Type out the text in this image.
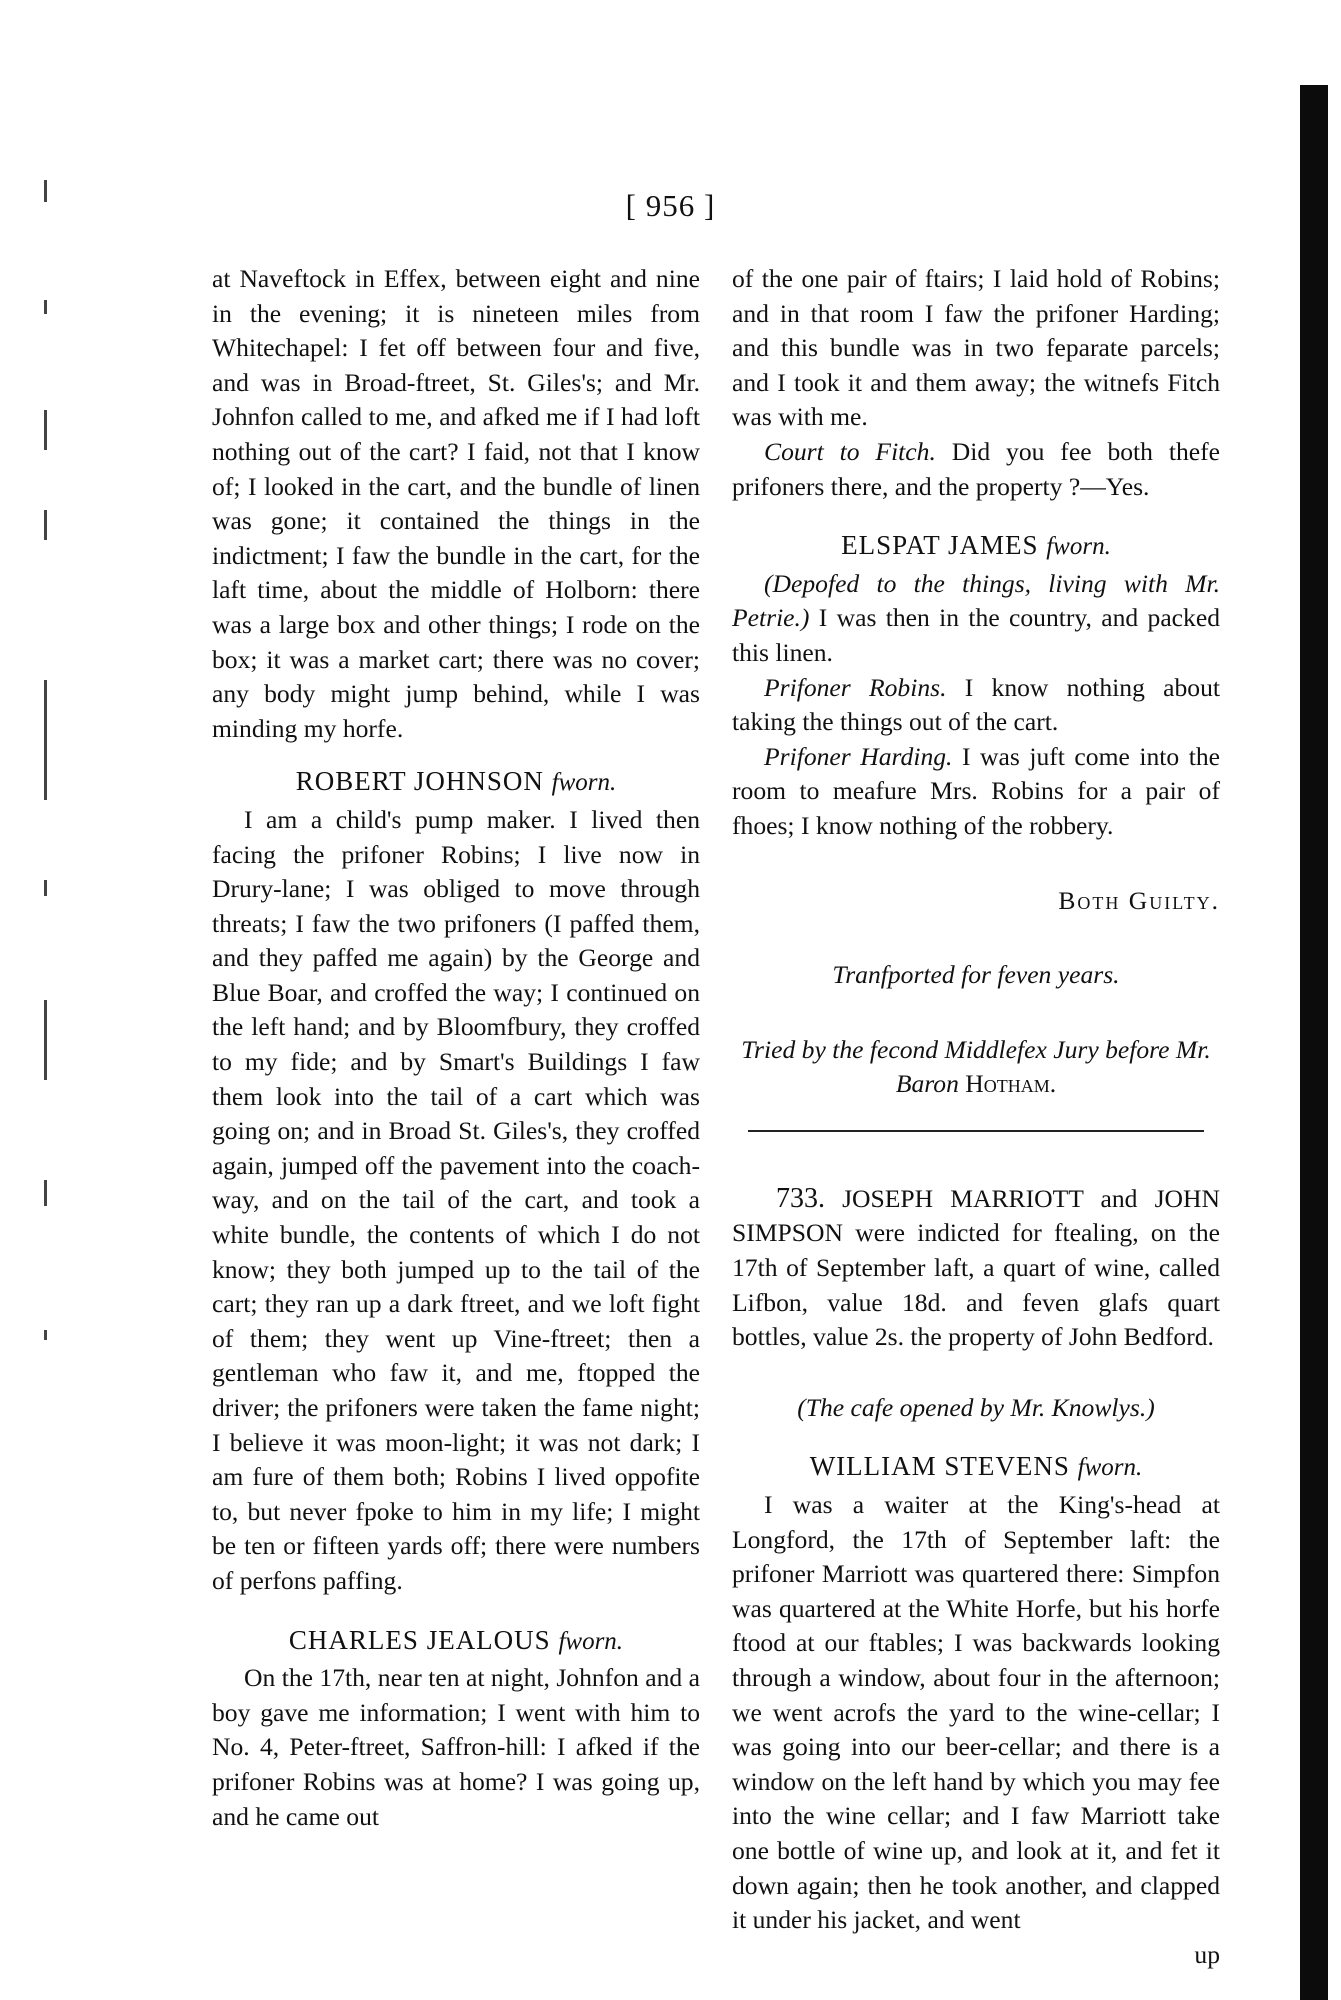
[ 956 ]

at Naveftock in Effex, between eight and nine in the evening; it is nineteen miles from Whitechapel: I fet off between four and five, and was in Broad-ftreet, St. Giles's; and Mr. Johnfon called to me, and afked me if I had loft nothing out of the cart? I faid, not that I know of; I looked in the cart, and the bundle of linen was gone; it contained the things in the indictment; I faw the bundle in the cart, for the laft time, about the middle of Holborn: there was a large box and other things; I rode on the box; it was a market cart; there was no cover; any body might jump behind, while I was minding my horfe.

ROBERT JOHNSON fworn.

I am a child's pump maker. I lived then facing the prifoner Robins; I live now in Drury-lane; I was obliged to move through threats; I faw the two prifoners (I paffed them, and they paffed me again) by the George and Blue Boar, and croffed the way; I continued on the left hand; and by Bloomfbury, they croffed to my fide; and by Smart's Buildings I faw them look into the tail of a cart which was going on; and in Broad St. Giles's, they croffed again, jumped off the pavement into the coach-way, and on the tail of the cart, and took a white bundle, the contents of which I do not know; they both jumped up to the tail of the cart; they ran up a dark ftreet, and we loft fight of them; they went up Vine-ftreet; then a gentleman who faw it, and me, ftopped the driver; the prifoners were taken the fame night; I believe it was moon-light; it was not dark; I am fure of them both; Robins I lived oppofite to, but never fpoke to him in my life; I might be ten or fifteen yards off; there were numbers of perfons paffing.

CHARLES JEALOUS fworn.

On the 17th, near ten at night, Johnfon and a boy gave me information; I went with him to No. 4, Peter-ftreet, Saffron-hill: I afked if the prifoner Robins was at home? I was going up, and he came out

of the one pair of ftairs; I laid hold of Robins; and in that room I faw the prifoner Harding; and this bundle was in two feparate parcels; and I took it and them away; the witnefs Fitch was with me.

Court to Fitch. Did you fee both thefe prifoners there, and the property ?—Yes.

ELSPAT JAMES fworn.

(Depofed to the things, living with Mr. Petrie.) I was then in the country, and packed this linen.

Prifoner Robins. I know nothing about taking the things out of the cart.

Prifoner Harding. I was juft come into the room to meafure Mrs. Robins for a pair of fhoes; I know nothing of the robbery.

Both Guilty.
Tranfported for feven years.
Tried by the fecond Middlefex Jury before Mr. Baron Hotham.

733. JOSEPH MARRIOTT and JOHN SIMPSON were indicted for ftealing, on the 17th of September laft, a quart of wine, called Lifbon, value 18d. and feven glafs quart bottles, value 2s. the property of John Bedford.

(The cafe opened by Mr. Knowlys.)
WILLIAM STEVENS fworn.

I was a waiter at the King's-head at Longford, the 17th of September laft: the prifoner Marriott was quartered there: Simpfon was quartered at the White Horfe, but his horfe ftood at our ftables; I was backwards looking through a window, about four in the afternoon; we went acrofs the yard to the wine-cellar; I was going into our beer-cellar; and there is a window on the left hand by which you may fee into the wine cellar; and I faw Marriott take one bottle of wine up, and look at it, and fet it down again; then he took another, and clapped it under his jacket, and went

up
